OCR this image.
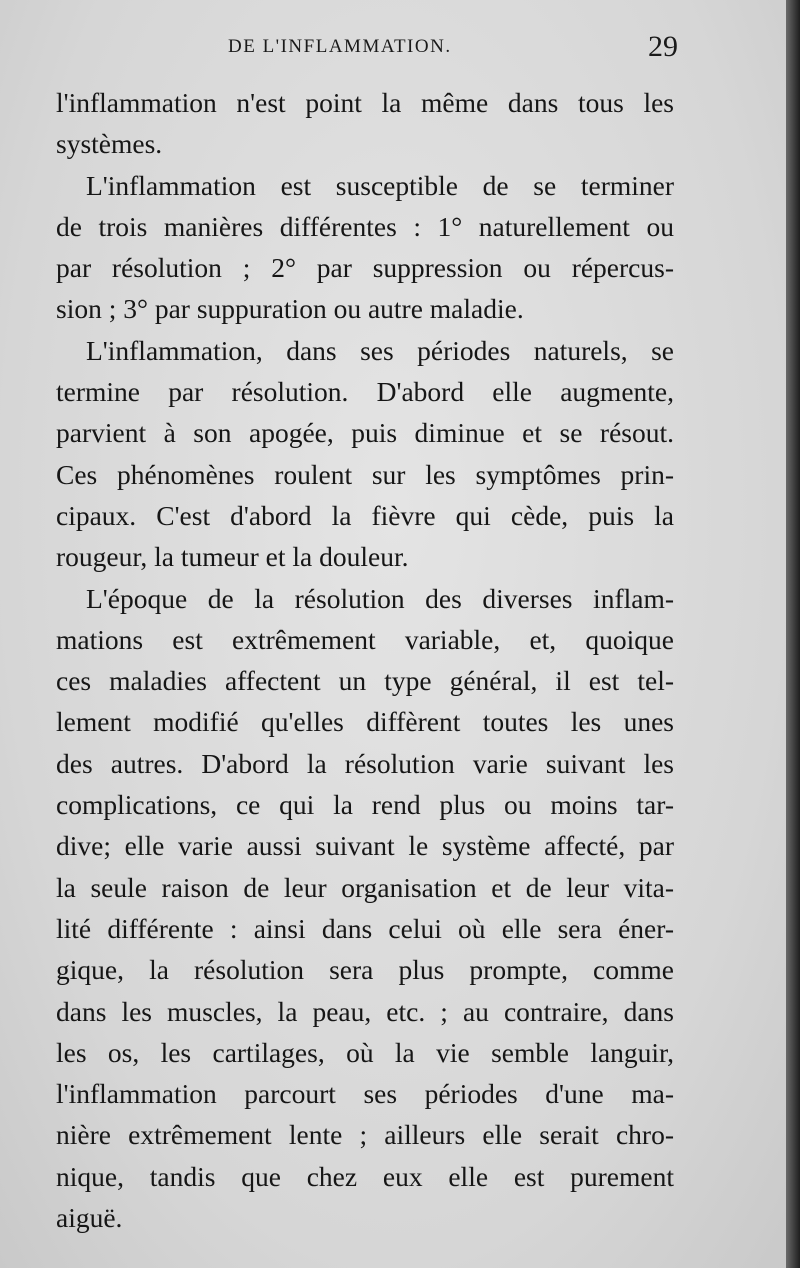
DE L'INFLAMMATION.	29

l'inflammation n'est point la même dans tous les
systèmes.

L'inflammation est susceptible de se terminer
de trois manières différentes : 1° naturellement ou
par résolution ; 2° par suppression ou répercus-
sion ; 3° par suppuration ou autre maladie.

L'inflammation, dans ses périodes naturels, se
termine par résolution. D'abord elle augmente,
parvient à son apogée, puis diminue et se résout.
Ces phénomènes roulent sur les symptômes prin-
cipaux. C'est d'abord la fièvre qui cède, puis la
rougeur, la tumeur et la douleur.

L'époque de la résolution des diverses inflam-
mations est extrêmement variable, et, quoique
ces maladies affectent un type général, il est tel-
lement modifié qu'elles diffèrent toutes les unes
des autres. D'abord la résolution varie suivant les
complications, ce qui la rend plus ou moins tar-
dive; elle varie aussi suivant le système affecté, par
la seule raison de leur organisation et de leur vita-
lité différente : ainsi dans celui où elle sera éner-
gique, la résolution sera plus prompte, comme
dans les muscles, la peau, etc. ; au contraire, dans
les os, les cartilages, où la vie semble languir,
l'inflammation parcourt ses périodes d'une ma-
nière extrêmement lente ; ailleurs elle serait chro-
nique, tandis que chez eux elle est purement
aiguë.
